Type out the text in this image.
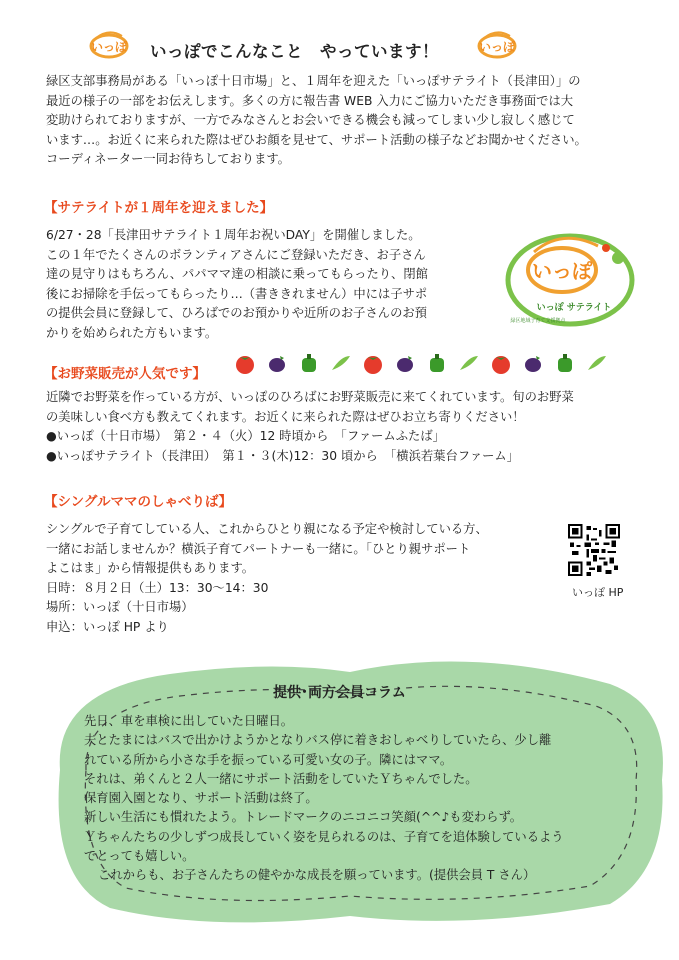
いっぽ いっぽでこんなこと　やっています！	いっぽ
緑区支部事務局がある「いっぽ十日市場」と、１周年を迎えた「いっぽサテライト（長津田）」の
最近の様子の一部をお伝えします。多くの方に報告書 WEB 入力にご協力いただき事務面では大
変助けられておりますが、一方でみなさんとお会いできる機会も減ってしまい少し寂しく感じて
います…。お近くに来られた際はぜひお顔を見せて、サポート活動の様子などお聞かせください。
コーディネーター一同お待ちしております。
【サテライトが１周年を迎えました】
6/27・28「長津田サテライト１周年お祝いDAY」を開催しました。
この１年でたくさんのボランティアさんにご登録いただき、お子さん
達の見守りはもちろん、パパママ達の相談に乗ってもらったり、閉館
後にお掃除を手伝ってもらったり…（書ききれません）中には子サポ
の提供会員に登録して、ひろばでのお預かりや近所のお子さんのお預
かりを始められた方もいます。
いっぽ
いっぽ サテライト
緑区地域子育て支援拠点
【お野菜販売が人気です】
近隣でお野菜を作っている方が、いっぽのひろばにお野菜販売に来てくれています。旬のお野菜
の美味しい食べ方も教えてくれます。お近くに来られた際はぜひお立ち寄りください！
●いっぽ（十日市場）　第２・４（火）12 時頃から　「ファームふたば」
●いっぽサテライト（長津田）　第１・３(木)12：30 頃から　「横浜若葉台ファーム」
【シングルママのしゃべりば】
シングルで子育てしている人、これからひとり親になる予定や検討している方、
一緒にお話しませんか？横浜子育てパートナーも一緒に。「ひとり親サポート
よこはま」から情報提供もあります。
日時：８月２日（土）13：30〜14：30
場所：いっぽ（十日市場）
申込：いっぽ HP より
いっぽ HP
提供･両方会員コラム
先日、車を車検に出していた日曜日。
夫とたまにはバスで出かけようかとなりバス停に着きおしゃべりしていたら、少し離
れている所から小さな手を振っている可愛い女の子。隣にはママ。
それは、弟くんと２人一緒にサポート活動をしていたＹちゃんでした。
保育園入園となり、サポート活動は終了。
新しい生活にも慣れたよう。トレードマークのニコニコ笑顔(^^♪も変わらず。
Ｙちゃんたちの少しずつ成長していく姿を見られるのは、子育てを追体験しているよう
でとっても嬉しい。
これからも、お子さんたちの健やかな成長を願っています。(提供会員 T さん）
